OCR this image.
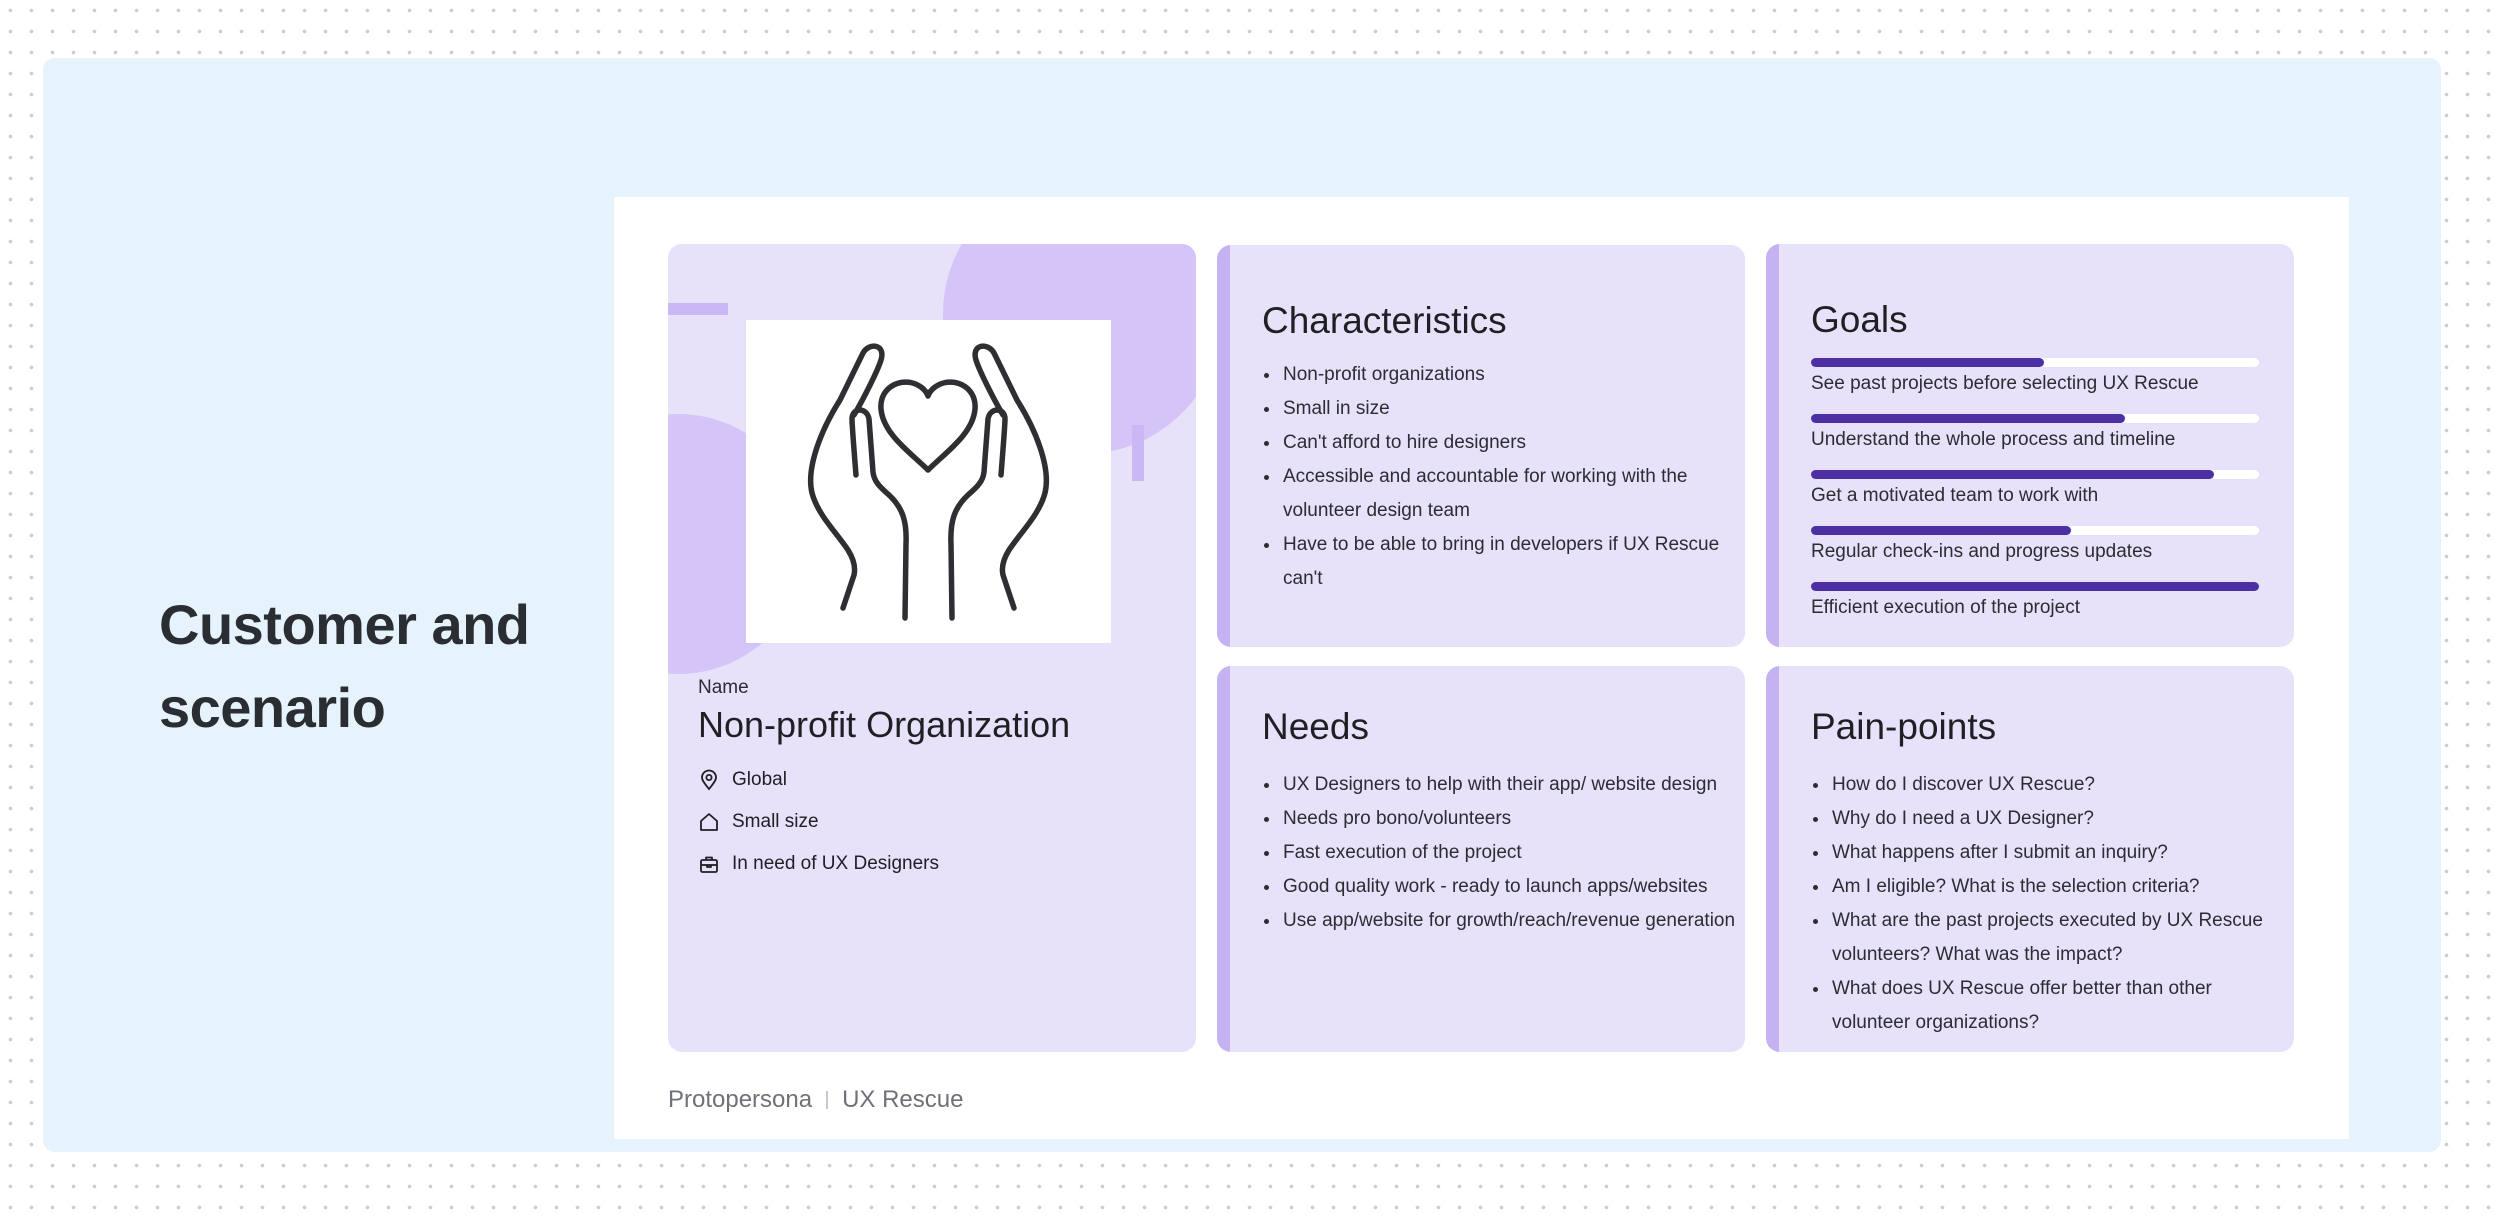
Customer and scenario	Name
Non-profit Organization
Global
Small size
In need of UX Designers
Characteristics
• Non-profit organizations
• Small in size
• Can't afford to hire designers
• Accessible and accountable for working with the volunteer design team
• Have to be able to bring in developers if UX Rescue can't
Goals
See past projects before selecting UX Rescue
Understand the whole process and timeline
Get a motivated team to work with
Regular check-ins and progress updates
Efficient execution of the project
Needs
• UX Designers to help with their app/ website design
• Needs pro bono/volunteers
• Fast execution of the project
• Good quality work - ready to launch apps/websites
• Use app/website for growth/reach/revenue generation
Pain-points
• How do I discover UX Rescue?
• Why do I need a UX Designer?
• What happens after I submit an inquiry?
• Am I eligible? What is the selection criteria?
• What are the past projects executed by UX Rescue volunteers? What was the impact?
• What does UX Rescue offer better than other volunteer organizations?
Protopersona UX Rescue
